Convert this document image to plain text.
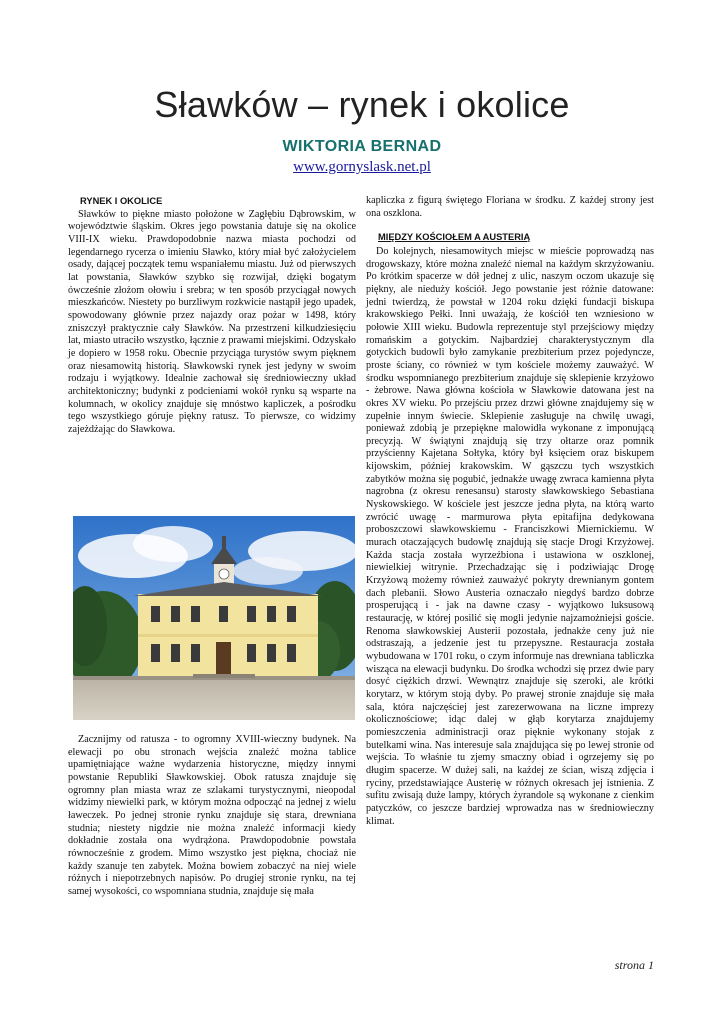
Sławków – rynek i okolice
WIKTORIA BERNAD
www.gornyslask.net.pl

RYNEK I OKOLICE

Sławków to piękne miasto położone w Zagłębiu Dąbrowskim, w województwie śląskim. Okres jego powstania datuje się na okolice VIII-IX wieku. Prawdopodobnie nazwa miasta pochodzi od legendarnego rycerza o imieniu Sławko, który miał być założycielem osady, dającej początek temu wspaniałemu miastu. Już od pierwszych lat powstania, Sławków szybko się rozwijał, dzięki bogatym ówcześnie złożom ołowiu i srebra; w ten sposób przyciągał nowych mieszkańców. Niestety po burzliwym rozkwicie nastąpił jego upadek, spowodowany głównie przez najazdy oraz pożar w 1498, który zniszczył praktycznie cały Sławków. Na przestrzeni kilkudziesięciu lat, miasto utraciło wszystko, łącznie z prawami miejskimi. Odzyskało je dopiero w 1958 roku. Obecnie przyciąga turystów swym pięknem oraz niesamowitą historią. Sławkowski rynek jest jedyny w swoim rodzaju i wyjątkowy. Idealnie zachował się średniowieczny układ architektoniczny; budynki z podcieniami wokół rynku są wsparte na kolumnach, w okolicy znajduje się mnóstwo kapliczek, a pośrodku tego wszystkiego góruje piękny ratusz. To pierwsze, co widzimy zajeżdżając do Sławkowa.

Zacznijmy od ratusza - to ogromny XVIII-wieczny budynek. Na elewacji po obu stronach wejścia znaleźć można tablice upamiętniające ważne wydarzenia historyczne, między innymi powstanie Republiki Sławkowskiej. Obok ratusza znajduje się ogromny plan miasta wraz ze szlakami turystycznymi, nieopodal widzimy niewielki park, w którym można odpocząć na jednej z wielu ławeczek. Po jednej stronie rynku znajduje się stara, drewniana studnia; niestety nigdzie nie można znaleźć informacji kiedy dokładnie została ona wydrążona. Prawdopodobnie powstała równocześnie z grodem. Mimo wszystko jest piękna, chociaż nie każdy szanuje ten zabytek. Można bowiem zobaczyć na niej wiele różnych i niepotrzebnych napisów. Po drugiej stronie rynku, na tej samej wysokości, co wspomniana studnia, znajduje się mała

kapliczka z figurą świętego Floriana w środku. Z każdej strony jest ona oszklona.

MIĘDZY KOŚCIOŁEM A AUSTERIĄ

Do kolejnych, niesamowitych miejsc w mieście poprowadzą nas drogowskazy, które można znaleźć niemal na każdym skrzyżowaniu. Po krótkim spacerze w dół jednej z ulic, naszym oczom ukazuje się piękny, ale nieduży kościół. Jego powstanie jest różnie datowane: jedni twierdzą, że powstał w 1204 roku dzięki fundacji biskupa krakowskiego Pełki. Inni uważają, że kościół ten wzniesiono w połowie XIII wieku. Budowla reprezentuje styl przejściowy między romańskim a gotyckim. Najbardziej charakterystycznym dla gotyckich budowli było zamykanie prezbiterium przez pojedyncze, proste ściany, co również w tym kościele możemy zauważyć. W środku wspomnianego prezbiterium znajduje się sklepienie krzyżowo - żebrowe. Nawa główna kościoła w Sławkowie datowana jest na okres XV wieku. Po przejściu przez drzwi główne znajdujemy się w zupełnie innym świecie. Sklepienie zasługuje na chwilę uwagi, ponieważ zdobią je przepiękne malowidła wykonane z imponującą precyzją. W świątyni znajdują się trzy ołtarze oraz pomnik przyścienny Kajetana Sołtyka, który był księciem oraz biskupem kijowskim, później krakowskim. W gąszczu tych wszystkich zabytków można się pogubić, jednakże uwagę zwraca kamienna płyta nagrobna (z okresu renesansu) starosty sławkowskiego Sebastiana Nyskowskiego. W kościele jest jeszcze jedna płyta, na którą warto zwrócić uwagę - marmurowa płyta epitafijna dedykowana proboszczowi sławkowskiemu - Franciszkowi Miernickiemu. W murach otaczających budowlę znajdują się stacje Drogi Krzyżowej. Każda stacja została wyrzeźbiona i ustawiona w oszklonej, niewielkiej witrynie. Przechadzając się i podziwiając Drogę Krzyżową możemy również zauważyć pokryty drewnianym gontem dach plebanii. Słowo Austeria oznaczało niegdyś bardzo dobrze prosperującą i - jak na dawne czasy - wyjątkowo luksusową restaurację, w której posilić się mogli jedynie najzamożniejsi goście. Renoma sławkowskiej Austerii pozostała, jednakże ceny już nie odstraszają, a jedzenie jest tu przepyszne. Restauracja została wybudowana w 1701 roku, o czym informuje nas drewniana tabliczka wisząca na elewacji budynku. Do środka wchodzi się przez dwie pary dosyć ciężkich drzwi. Wewnątrz znajduje się szeroki, ale krótki korytarz, w którym stoją dyby. Po prawej stronie znajduje się mała sala, która najczęściej jest zarezerwowana na liczne imprezy okolicznościowe; idąc dalej w głąb korytarza znajdujemy pomieszczenia administracji oraz pięknie wykonany stojak z butelkami wina. Nas interesuje sala znajdująca się po lewej stronie od wejścia. To właśnie tu zjemy smaczny obiad i ogrzejemy się po długim spacerze. W dużej sali, na każdej ze ścian, wiszą zdjęcia i ryciny, przedstawiające Austerię w różnych okresach jej istnienia. Z sufitu zwisają duże lampy, których żyrandole są wykonane z cienkim patyczków, co jeszcze bardziej wprowadza nas w średniowieczny klimat.

strona 1
